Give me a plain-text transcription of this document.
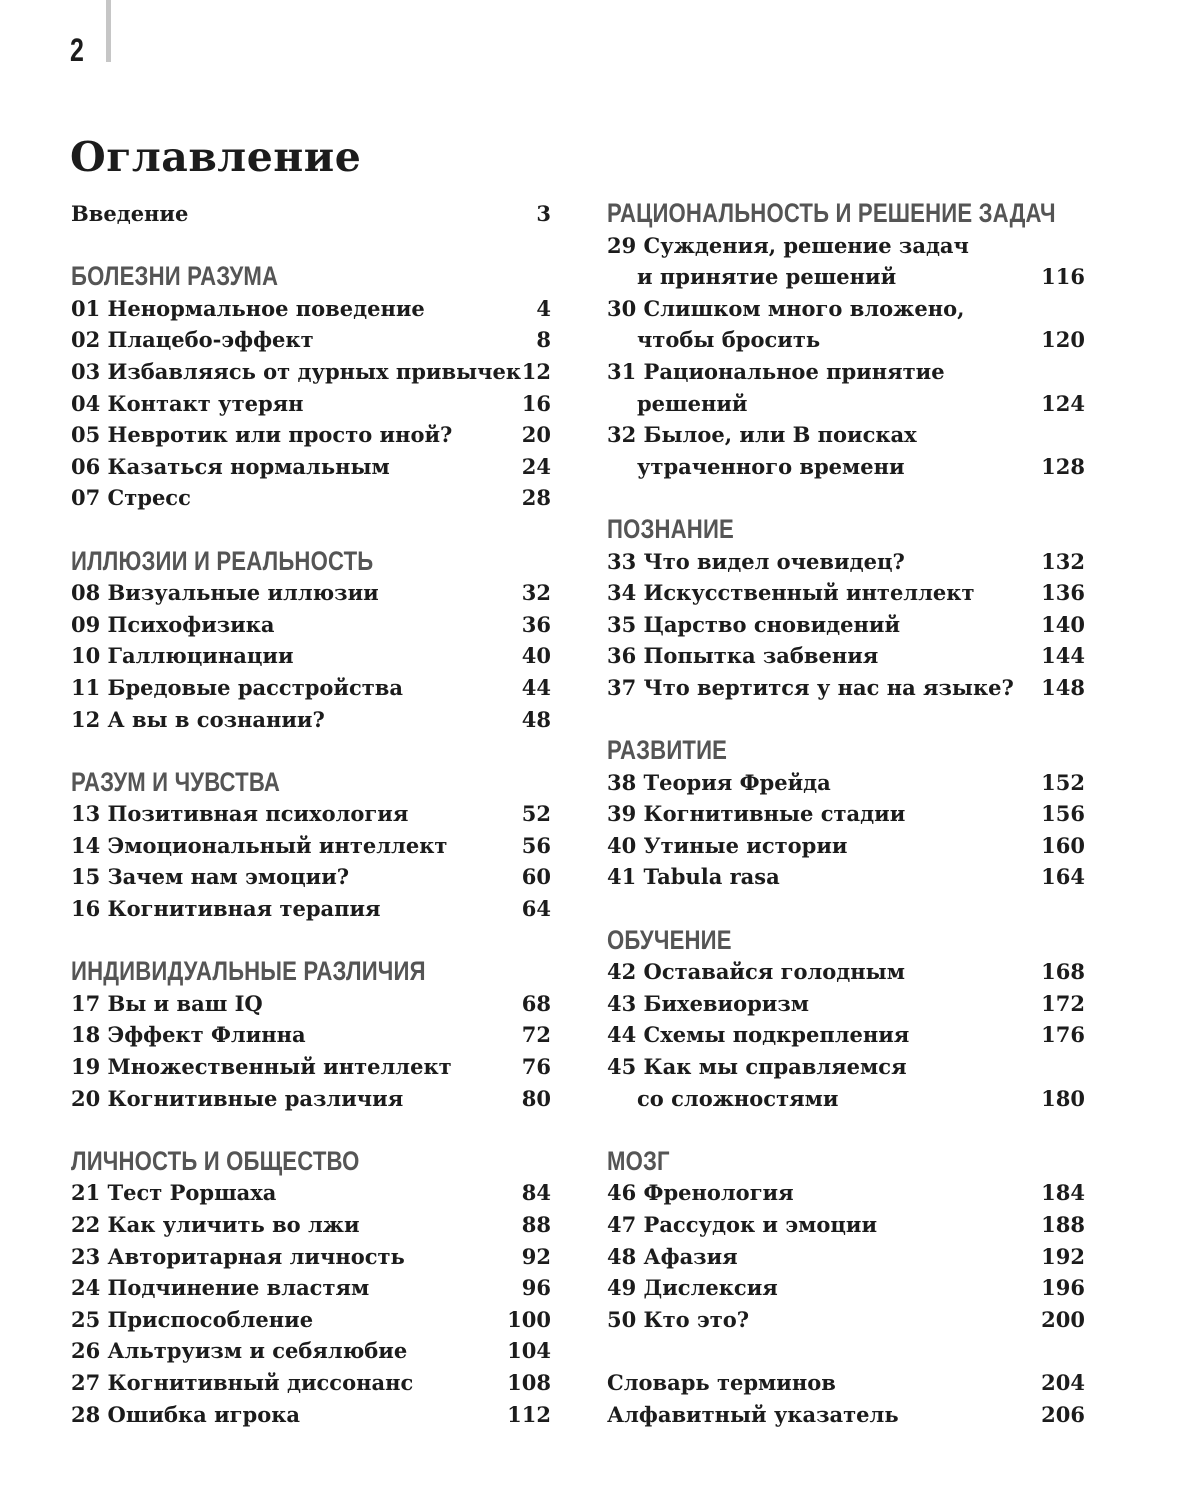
2
Оглавление
Введение	3
БОЛЕЗНИ РАЗУМА
01 Ненормальное поведение	4
02 Плацебо-эффект	8
03 Избавляясь от дурных привычек 12
04 Контакт утерян	16
05 Невротик или просто иной?	20
06 Казаться нормальным	24
07 Стресс	28
ИЛЛЮЗИИ И РЕАЛЬНОСТЬ
08 Визуальные иллюзии	32
09 Психофизика	36
10 Галлюцинации	40
11 Бредовые расстройства	44
12 А вы в сознании?	48
РАЗУМ И ЧУВСТВА
13 Позитивная психология	52
14 Эмоциональный интеллект	56
15 Зачем нам эмоции?	60
16 Когнитивная терапия	64
ИНДИВИДУАЛЬНЫЕ РАЗЛИЧИЯ
17 Вы и ваш IQ	68
18 Эффект Флинна	72
19 Множественный интеллект	76
20 Когнитивные различия	80
ЛИЧНОСТЬ И ОБЩЕСТВО
21 Тест Роршаха	84
22 Как уличить во лжи	88
23 Авторитарная личность	92
24 Подчинение властям	96
25 Приспособление	100
26 Альтруизм и себялюбие	104
27 Когнитивный диссонанс	108
28 Ошибка игрока	112
РАЦИОНАЛЬНОСТЬ И РЕШЕНИЕ ЗАДАЧ
29 Суждения, решение задач
и принятие решений	116
30 Слишком много вложено,
чтобы бросить	120
31 Рациональное принятие
решений	124
32 Былое, или В поисках
утраченного времени	128
ПОЗНАНИЕ
33 Что видел очевидец?	132
34 Искусственный интеллект	136
35 Царство сновидений	140
36 Попытка забвения	144
37 Что вертится у нас на языке? 148
РАЗВИТИЕ
38 Теория Фрейда	152
39 Когнитивные стадии	156
40 Утиные истории	160
41 Tabula rasa	164
ОБУЧЕНИЕ
42 Оставайся голодным	168
43 Бихевиоризм	172
44 Схемы подкрепления	176
45 Как мы справляемся
со сложностями	180
МОЗГ
46 Френология	184
47 Рассудок и эмоции	188
48 Афазия	192
49 Дислексия	196
50 Кто это?	200
Словарь терминов	204
Алфавитный указатель	206
